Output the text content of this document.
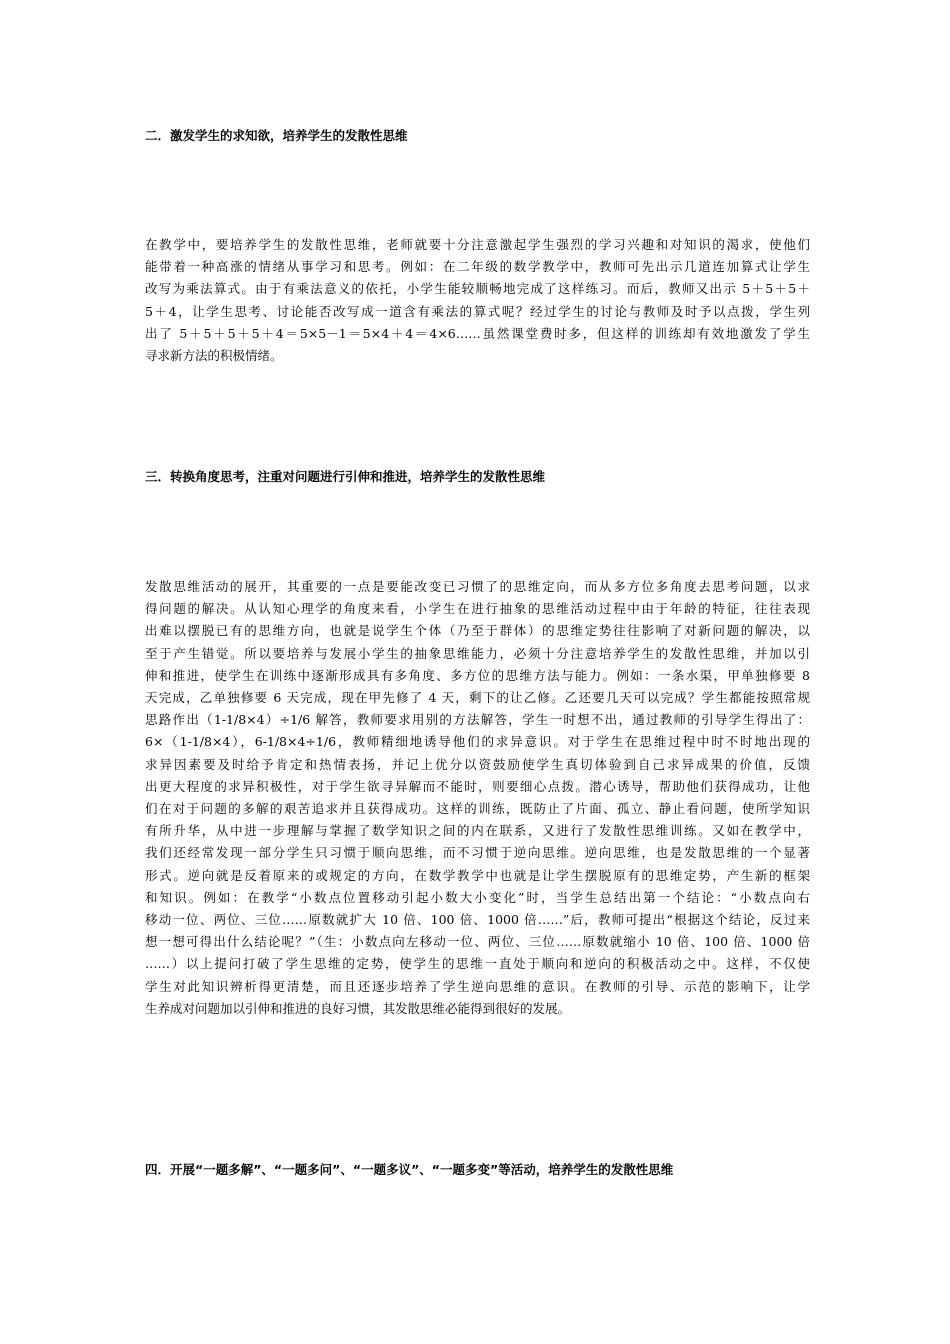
二．激发学生的求知欲，培养学生的发散性思维
在教学中，要培养学生的发散性思维，老师就要十分注意激起学生强烈的学习兴趣和对知识的渴求，使他们
能带着一种高涨的情绪从事学习和思考。例如：在二年级的数学教学中，教师可先出示几道连加算式让学生
改写为乘法算式。由于有乘法意义的依托，小学生能较顺畅地完成了这样练习。而后，教师又出示 5＋5＋5＋
5＋4，让学生思考、讨论能否改写成一道含有乘法的算式呢？经过学生的讨论与教师及时予以点拨，学生列
出了 5＋5＋5＋5＋4＝5×5－1＝5×4＋4＝4×6……虽然课堂费时多，但这样的训练却有效地激发了学生
寻求新方法的积极情绪。
三．转换角度思考，注重对问题进行引伸和推进，培养学生的发散性思维
发散思维活动的展开，其重要的一点是要能改变已习惯了的思维定向，而从多方位多角度去思考问题，以求
得问题的解决。从认知心理学的角度来看，小学生在进行抽象的思维活动过程中由于年龄的特征，往往表现
出难以摆脱已有的思维方向，也就是说学生个体（乃至于群体）的思维定势往往影响了对新问题的解决，以
至于产生错觉。所以要培养与发展小学生的抽象思维能力，必须十分注意培养学生的发散性思维，并加以引
伸和推进，使学生在训练中逐渐形成具有多角度、多方位的思维方法与能力。例如：一条水渠，甲单独修要 8
天完成，乙单独修要 6 天完成，现在甲先修了 4 天，剩下的让乙修。乙还要几天可以完成？学生都能按照常规
思路作出（1-1/8×4）÷1/6 解答，教师要求用别的方法解答，学生一时想不出，通过教师的引导学生得出了：
6×（1-1/8×4），6-1/8×4÷1/6，教师精细地诱导他们的求异意识。对于学生在思维过程中时不时地出现的
求异因素要及时给予肯定和热情表扬，并记上优分以资鼓励使学生真切体验到自己求异成果的价值，反馈
出更大程度的求异积极性，对于学生欲寻异解而不能时，则要细心点拨。潜心诱导，帮助他们获得成功，让他
们在对于问题的多解的艰苦追求并且获得成功。这样的训练，既防止了片面、孤立、静止看问题，使所学知识
有所升华，从中进一步理解与掌握了数学知识之间的内在联系，又进行了发散性思维训练。又如在教学中，
我们还经常发现一部分学生只习惯于顺向思维，而不习惯于逆向思维。逆向思维，也是发散思维的一个显著
形式。逆向就是反着原来的或规定的方向，在数学教学中也就是让学生摆脱原有的思维定势，产生新的框架
和知识。例如：在教学“小数点位置移动引起小数大小变化”时，当学生总结出第一个结论：“小数点向右
移动一位、两位、三位……原数就扩大 10 倍、100 倍、1000 倍……”后，教师可提出“根据这个结论，反过来
想一想可得出什么结论呢？”（生：小数点向左移动一位、两位、三位……原数就缩小 10 倍、100 倍、1000 倍
……）以上提问打破了学生思维的定势，使学生的思维一直处于顺向和逆向的积极活动之中。这样，不仅使
学生对此知识辨析得更清楚，而且还逐步培养了学生逆向思维的意识。在教师的引导、示范的影响下，让学
生养成对问题加以引伸和推进的良好习惯，其发散思维必能得到很好的发展。
四．开展“一题多解”、“一题多问”、“一题多议”、“一题多变”等活动，培养学生的发散性思维
